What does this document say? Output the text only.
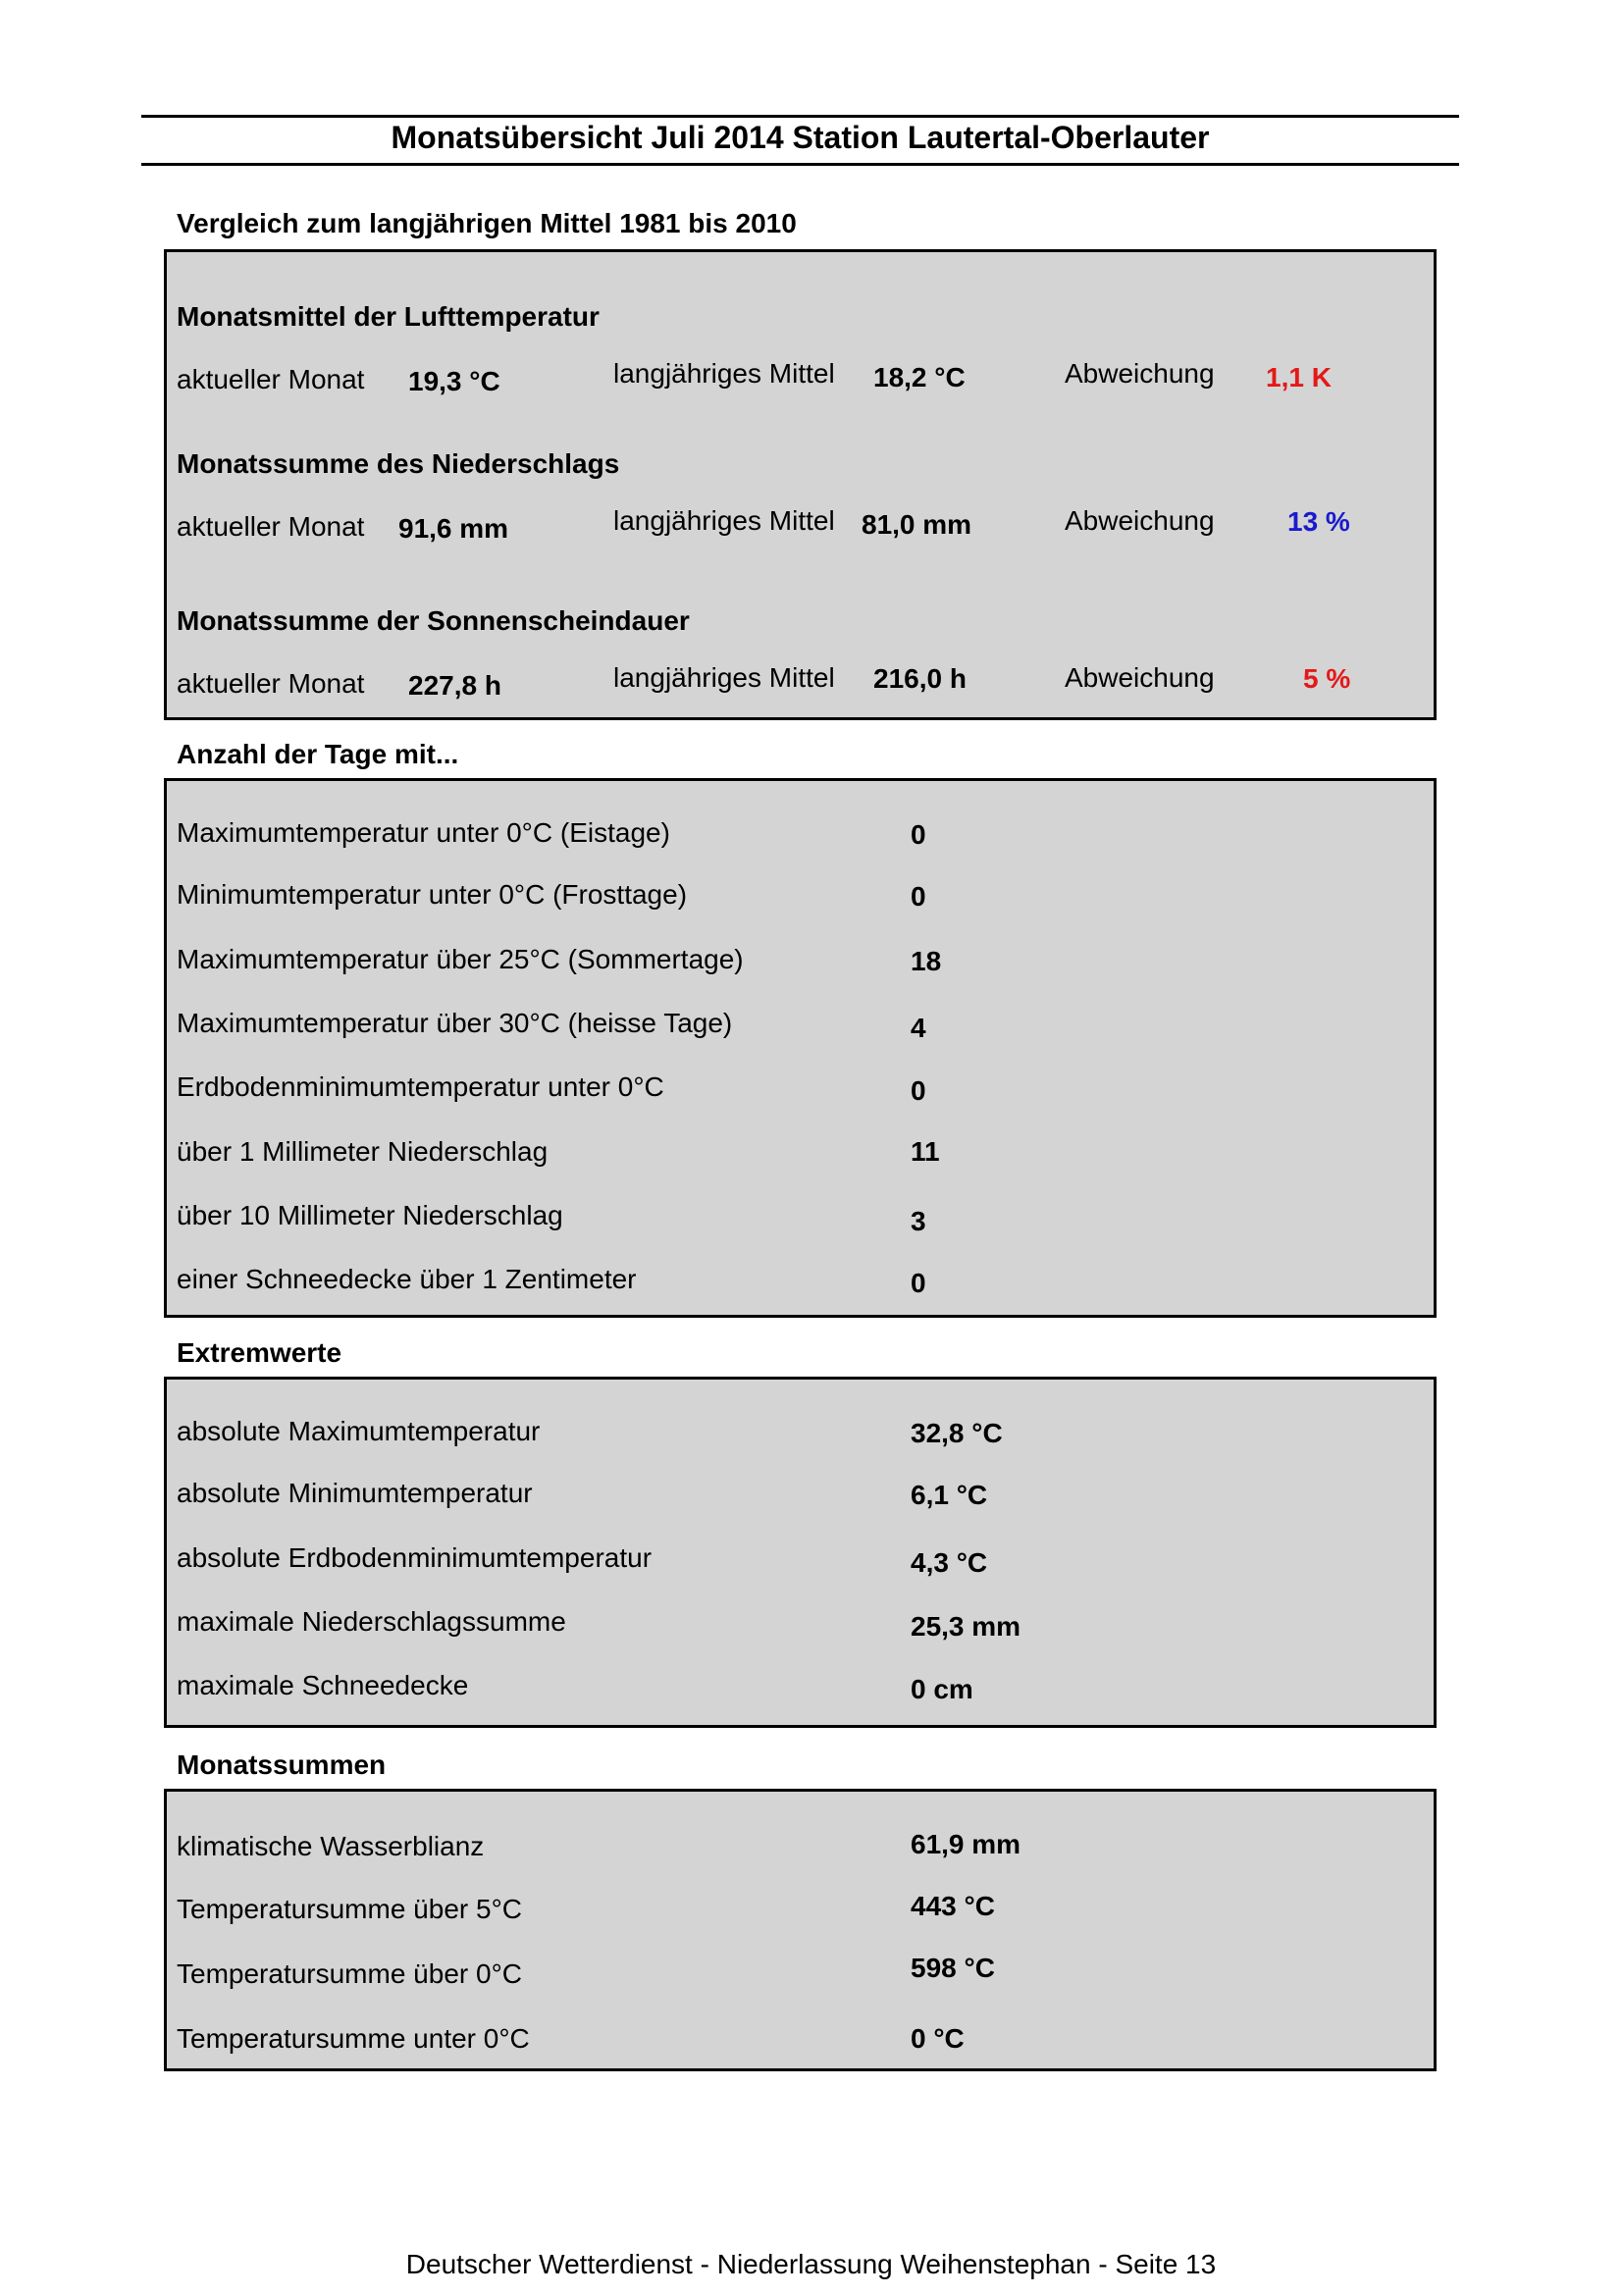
Monatsübersicht Juli 2014 Station Lautertal-Oberlauter
Vergleich zum langjährigen Mittel 1981 bis 2010
Monatsmittel der Lufttemperatur
aktueller Monat 19,3 °C	langjähriges Mittel 18,2 °C	Abweichung 1,1 K
Monatssumme des Niederschlags
aktueller Monat 91,6 mm	langjähriges Mittel 81,0 mm	Abweichung	13 %
Monatssumme der Sonnenscheindauer
aktueller Monat 227,8 h	langjähriges Mittel 216,0 h	Abweichung	5 %
Anzahl der Tage mit...
Maximumtemperatur unter 0°C (Eistage)	0
Minimumtemperatur unter 0°C (Frosttage)	0
Maximumtemperatur über 25°C (Sommertage)	18
Maximumtemperatur über 30°C (heisse Tage)	4
Erdbodenminimumtemperatur unter 0°C	0
über 1 Millimeter Niederschlag	11
über 10 Millimeter Niederschlag	3
einer Schneedecke über 1 Zentimeter	0
Extremwerte
absolute Maximumtemperatur	32,8 °C
absolute Minimumtemperatur	6,1 °C
absolute Erdbodenminimumtemperatur	4,3 °C
maximale Niederschlagssumme	25,3 mm
maximale Schneedecke	0 cm
Monatssummen
klimatische Wasserblianz	61,9 mm
Temperatursumme über 5°C	443 °C
Temperatursumme über 0°C	598 °C
Temperatursumme unter 0°C	0 °C
Deutscher Wetterdienst - Niederlassung Weihenstephan - Seite 13
